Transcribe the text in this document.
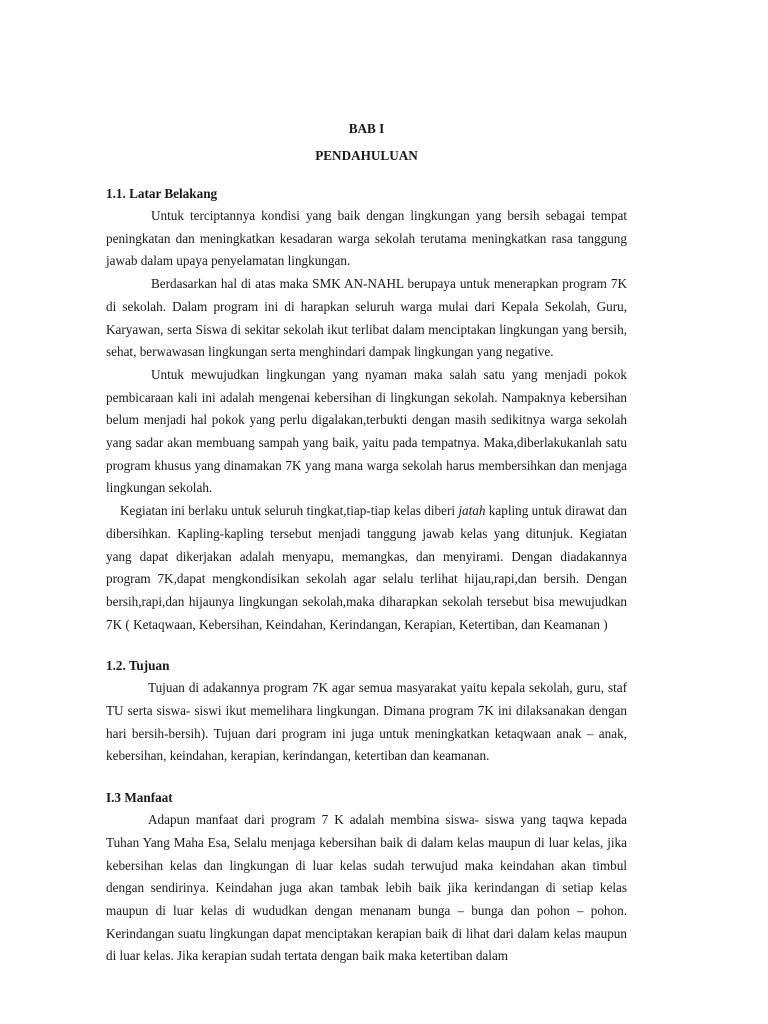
BAB I

PENDAHULUAN

1.1. Latar Belakang

Untuk terciptannya kondisi yang baik dengan lingkungan yang bersih sebagai tempat peningkatan dan meningkatkan kesadaran warga sekolah terutama meningkatkan rasa tanggung jawab dalam upaya penyelamatan lingkungan.

Berdasarkan hal di atas maka SMK AN-NAHL berupaya untuk menerapkan program 7K di sekolah. Dalam program ini di harapkan seluruh warga mulai dari Kepala Sekolah, Guru, Karyawan, serta Siswa di sekitar sekolah ikut terlibat dalam menciptakan lingkungan yang bersih, sehat, berwawasan lingkungan serta menghindari dampak lingkungan yang negative.

Untuk mewujudkan lingkungan yang nyaman maka salah satu yang menjadi pokok pembicaraan kali ini adalah mengenai kebersihan di lingkungan sekolah. Nampaknya kebersihan belum menjadi hal pokok yang perlu digalakan,terbukti dengan masih sedikitnya warga sekolah yang sadar akan membuang sampah yang baik, yaitu pada tempatnya. Maka,diberlakukanlah satu program khusus yang dinamakan 7K yang mana warga sekolah harus membersihkan dan menjaga lingkungan sekolah.

Kegiatan ini berlaku untuk seluruh tingkat,tiap-tiap kelas diberi jatah kapling untuk dirawat dan dibersihkan. Kapling-kapling tersebut menjadi tanggung jawab kelas yang ditunjuk. Kegiatan yang dapat dikerjakan adalah menyapu, memangkas, dan menyirami. Dengan diadakannya program 7K,dapat mengkondisikan sekolah agar selalu terlihat hijau,rapi,dan bersih. Dengan bersih,rapi,dan hijaunya lingkungan sekolah,maka diharapkan sekolah tersebut bisa mewujudkan 7K ( Ketaqwaan, Kebersihan, Keindahan, Kerindangan, Kerapian, Ketertiban, dan Keamanan )

1.2. Tujuan

Tujuan di adakannya program 7K agar semua masyarakat yaitu kepala sekolah, guru, staf TU serta siswa- siswi ikut memelihara lingkungan. Dimana program 7K ini dilaksanakan dengan hari bersih-bersih). Tujuan dari program ini juga untuk meningkatkan ketaqwaan anak – anak, kebersihan, keindahan, kerapian, kerindangan, ketertiban dan keamanan.

I.3 Manfaat

Adapun manfaat dari program 7 K adalah membina siswa- siswa yang taqwa kepada Tuhan Yang Maha Esa, Selalu menjaga kebersihan baik di dalam kelas maupun di luar kelas, jika kebersihan kelas dan lingkungan di luar kelas sudah terwujud maka keindahan akan timbul dengan sendirinya. Keindahan juga akan tambak lebih baik jika kerindangan di setiap kelas maupun di luar kelas di wududkan dengan menanam bunga – bunga dan pohon – pohon. Kerindangan suatu lingkungan dapat menciptakan kerapian baik di lihat dari dalam kelas maupun di luar kelas. Jika kerapian sudah tertata dengan baik maka ketertiban dalam
